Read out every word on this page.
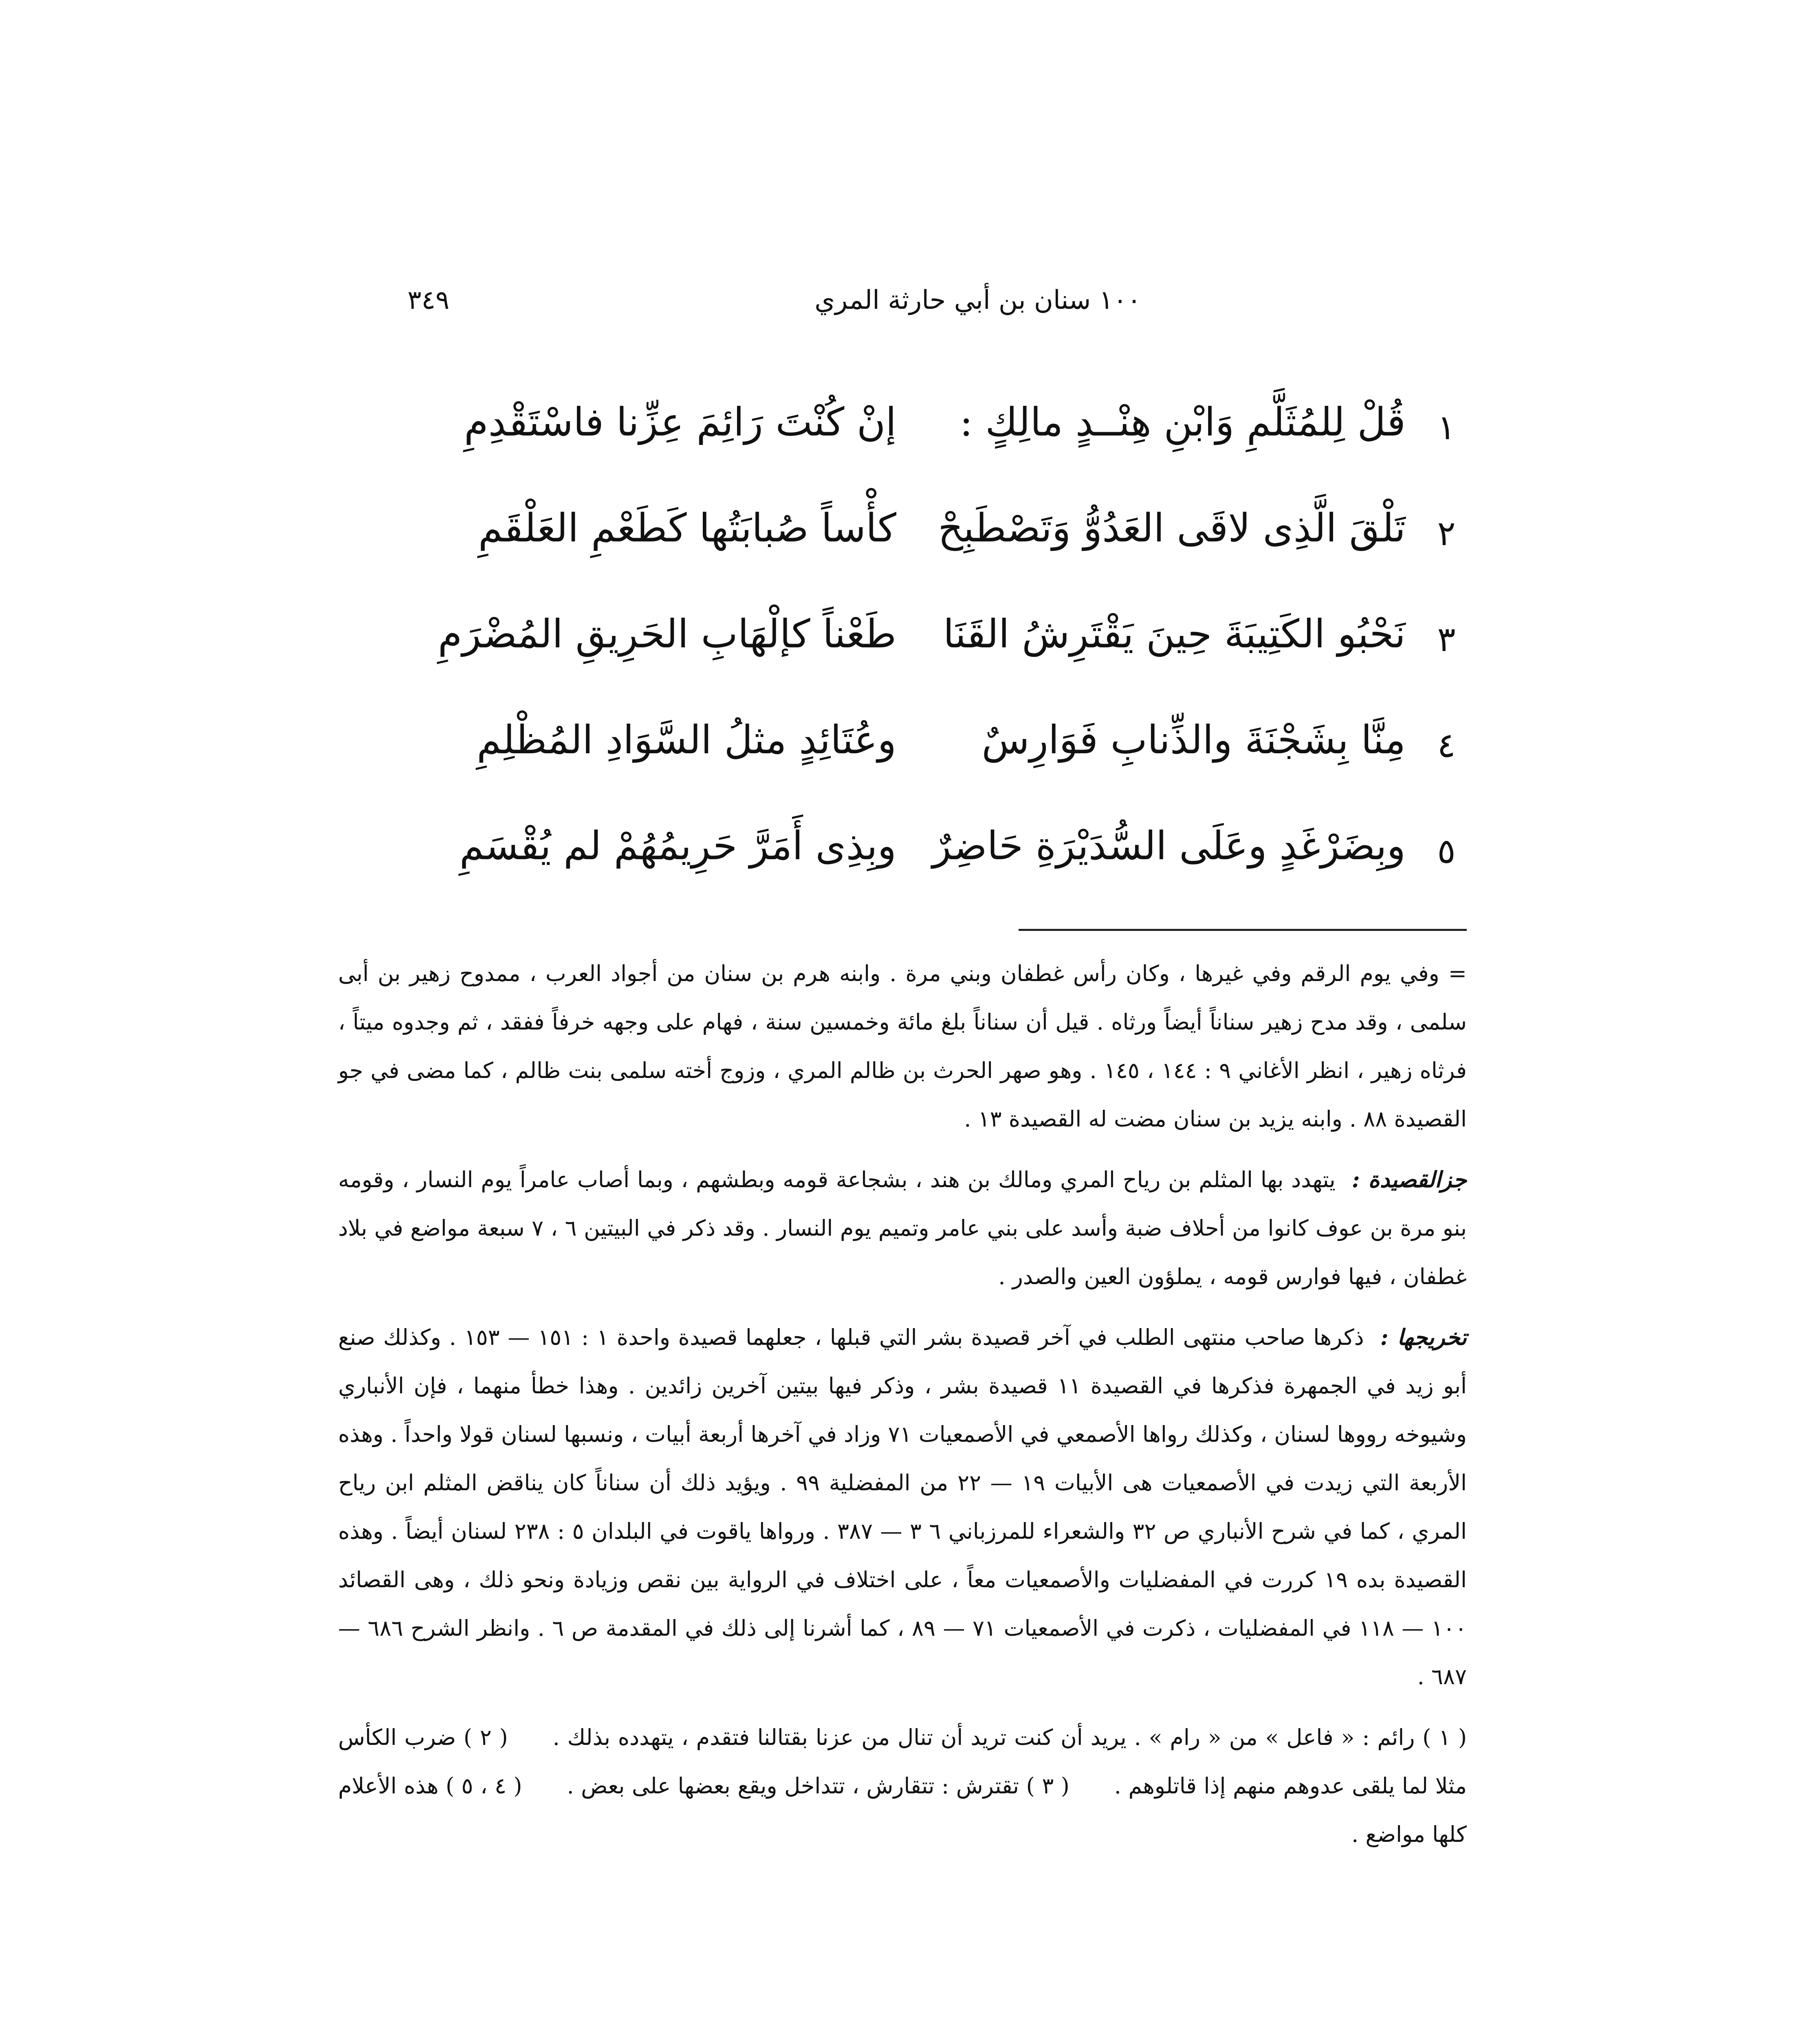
٣٤٩	١٠٠ سنان بن أبي حارثة المري
١
قُلْ لِلمُثَلَّمِ وَابْنِ هِنْــدٍ مالِكٍ :
إنْ كُنْتَ رَائِمَ عِزِّنا فاسْتَقْدِمِ
٢
تَلْقَ الَّذِى لاقَى العَدُوُّ وَتَصْطَبِحْ
كأْساً صُبابَتُها كَطَعْمِ العَلْقَمِ
٣
نَحْبُو الكَتِيبَةَ حِينَ يَقْتَرِشُ القَنَا
طَعْناً كإلْهَابِ الحَرِيقِ المُضْرَمِ
٤
مِنَّا بِشَجْنَةَ والذِّنابِ فَوَارِسٌ
وعُتَائِدٍ مثلُ السَّوَادِ المُظْلِمِ
٥
وبِضَرْغَدٍ وعَلَى السُّدَيْرَةِ حَاضِرٌ
وبِذِى أَمَرَّ حَرِيمُهُمْ لم يُقْسَمِ

= وفي يوم الرقم وفي غيرها ، وكان رأس غطفان وبني مرة . وابنه هرم بن سنان من أجواد العرب ، ممدوح زهير بن أبى سلمى ، وقد مدح زهير سناناً أيضاً ورثاه . قيل أن سناناً بلغ مائة وخمسين سنة ، فهام على وجهه خرفاً ففقد ، ثم وجدوه ميتاً ، فرثاه زهير ، انظر الأغاني ٩ : ١٤٤ ، ١٤٥ . وهو صهر الحرث بن ظالم المري ، وزوج أخته سلمى بنت ظالم ، كما مضى في جو القصيدة ٨٨ . وابنه يزيد بن سنان مضت له القصيدة ١٣ .

جزالقصيدة :يتهدد بها المثلم بن رياح المري ومالك بن هند ، بشجاعة قومه وبطشهم ، وبما أصاب عامراً يوم النسار ، وقومه بنو مرة بن عوف كانوا من أحلاف ضبة وأسد على بني عامر وتميم يوم النسار . وقد ذكر في البيتين ٦ ، ٧ سبعة مواضع في بلاد غطفان ، فيها فوارس قومه ، يملؤون العين والصدر .

تخريجها :ذكرها صاحب منتهى الطلب في آخر قصيدة بشر التي قبلها ، جعلهما قصيدة واحدة ١ : ١٥١ — ١٥٣ . وكذلك صنع أبو زيد في الجمهرة فذكرها في القصيدة ١١ قصيدة بشر ، وذكر فيها بيتين آخرين زائدين . وهذا خطأ منهما ، فإن الأنباري وشيوخه رووها لسنان ، وكذلك رواها الأصمعي في الأصمعيات ٧١ وزاد في آخرها أربعة أبيات ، ونسبها لسنان قولا واحداً . وهذه الأربعة التي زيدت في الأصمعيات هى الأبيات ١٩ — ٢٢ من المفضلية ٩٩ . ويؤيد ذلك أن سناناً كان يناقض المثلم ابن رياح المري ، كما في شرح الأنباري ص ٣٢ والشعراء للمرزباني ٦ ٣ — ٣٨٧ . ورواها ياقوت في البلدان ٥ : ٢٣٨ لسنان أيضاً . وهذه القصيدة بده ١٩ كررت في المفضليات والأصمعيات معاً ، على اختلاف في الرواية بين نقص وزيادة ونحو ذلك ، وهى القصائد ١٠٠ — ١١٨ في المفضليات ، ذكرت في الأصمعيات ٧١ — ٨٩ ، كما أشرنا إلى ذلك في المقدمة ص ٦ . وانظر الشرح ٦٨٦ — ٦٨٧ .

( ١ ) رائم : « فاعل » من « رام » . يريد أن كنت تريد أن تنال من عزنا بقتالنا فتقدم ، يتهدده بذلك .( ٢ ) ضرب الكأس مثلا لما يلقى عدوهم منهم إذا قاتلوهم .( ٣ ) تقترش : تتقارش ، تتداخل ويقع بعضها على بعض .( ٤ ، ٥ ) هذه الأعلام كلها مواضع .
